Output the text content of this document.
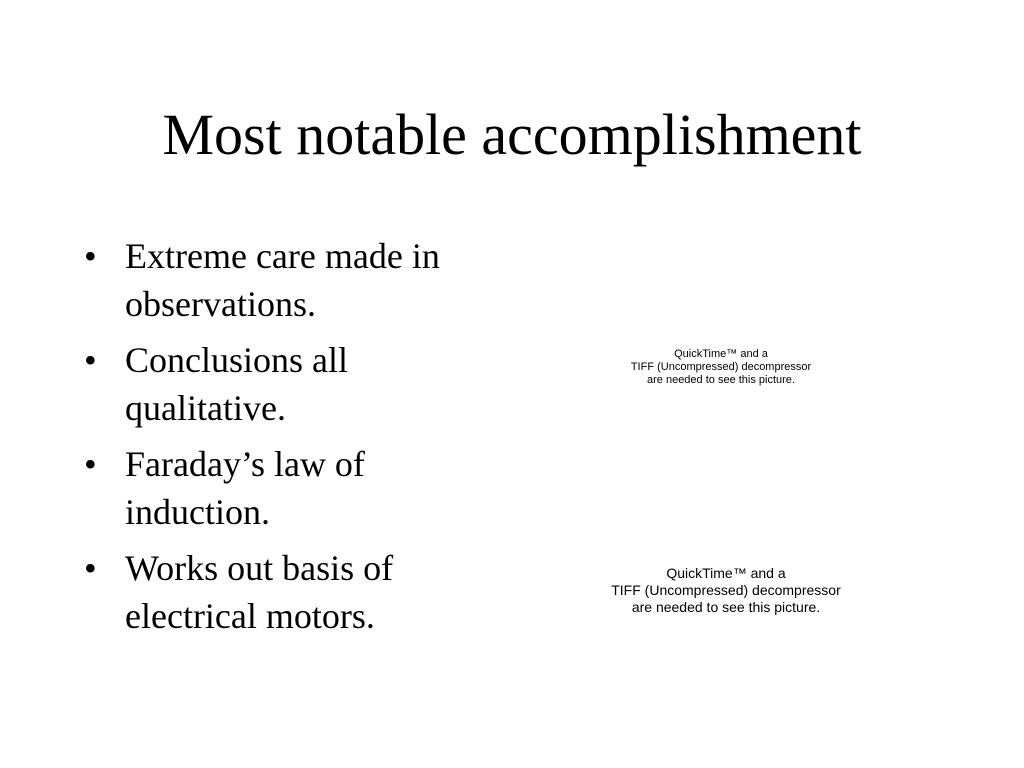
Most notable accomplishment
• Extreme care made in observations.
• Conclusions all qualitative.
• Faraday’s law of induction.
• Works out basis of electrical motors.
QuickTime™ and a
TIFF (Uncompressed) decompressor
are needed to see this picture.
QuickTime™ and a
TIFF (Uncompressed) decompressor
are needed to see this picture.
